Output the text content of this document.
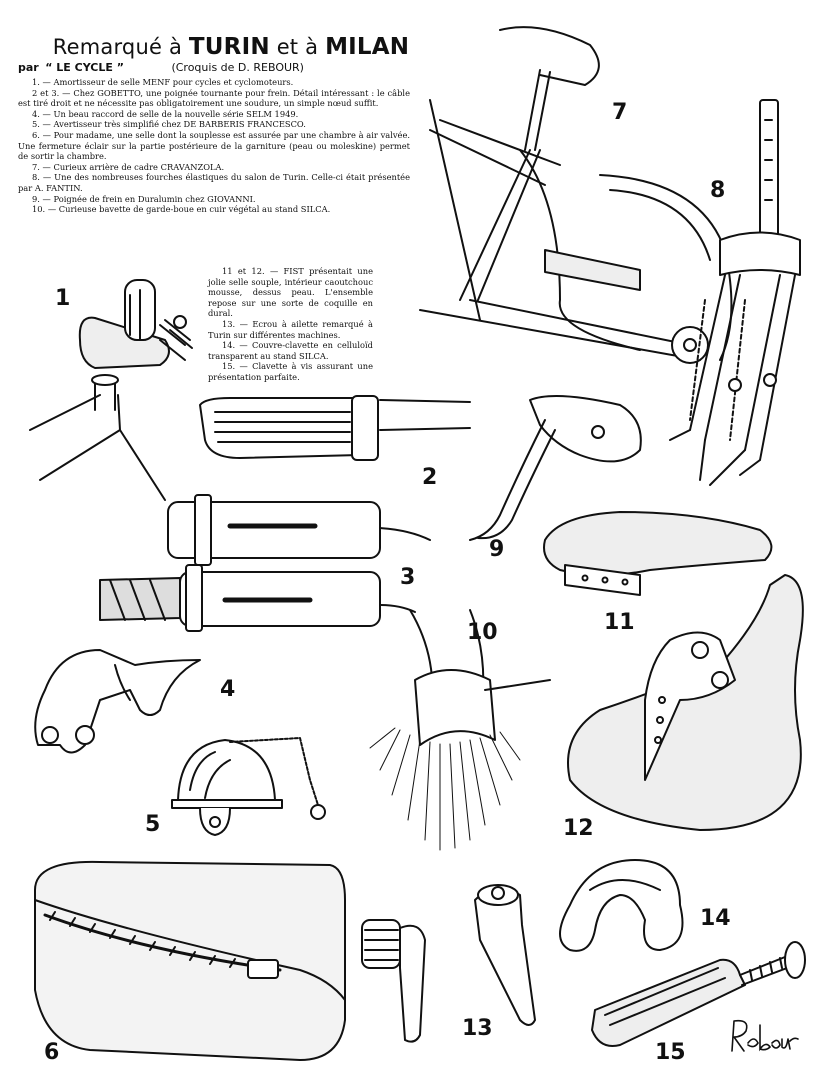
Remarqué à TURIN et à MILAN
par “ LE CYCLE ”	(Croquis de D. REBOUR)

1. — Amortisseur de selle MENF pour cycles et cyclomoteurs.

2 et 3. — Chez GOBETTO, une poignée tournante pour frein. Détail intéressant : le câble est tiré droit et ne nécessite pas obligatoirement une soudure, un simple nœud suffit.

4. — Un beau raccord de selle de la nouvelle série SELM 1949.

5. — Avertisseur très simplifié chez DE BARBERIS FRANCESCO.

6. — Pour madame, une selle dont la souplesse est assurée par une chambre à air valvée. Une fermeture éclair sur la partie postérieure de la garniture (peau ou moleskine) permet de sortir la chambre.

7. — Curieux arrière de cadre CRAVANZOLA.

8. — Une des nombreuses fourches élastiques du salon de Turin. Celle-ci était présentée par A. FANTIN.

9. — Poignée de frein en Duralumin chez GIOVANNI.

10. — Curieuse bavette de garde-boue en cuir végétal au stand SILCA.

11 et 12. — FIST présentait une jolie selle souple, intérieur caoutchouc mousse, dessus peau. L'ensemble repose sur une sorte de coquille en dural.

13. — Ecrou à ailette remarqué à Turin sur différentes machines.

14. — Couvre-clavette en celluloïd transparent au stand SILCA.

15. — Clavette à vis assurant une présentation parfaite.

1
2
3
4
5
6
7
8
9
10	11
12
13
14
15
